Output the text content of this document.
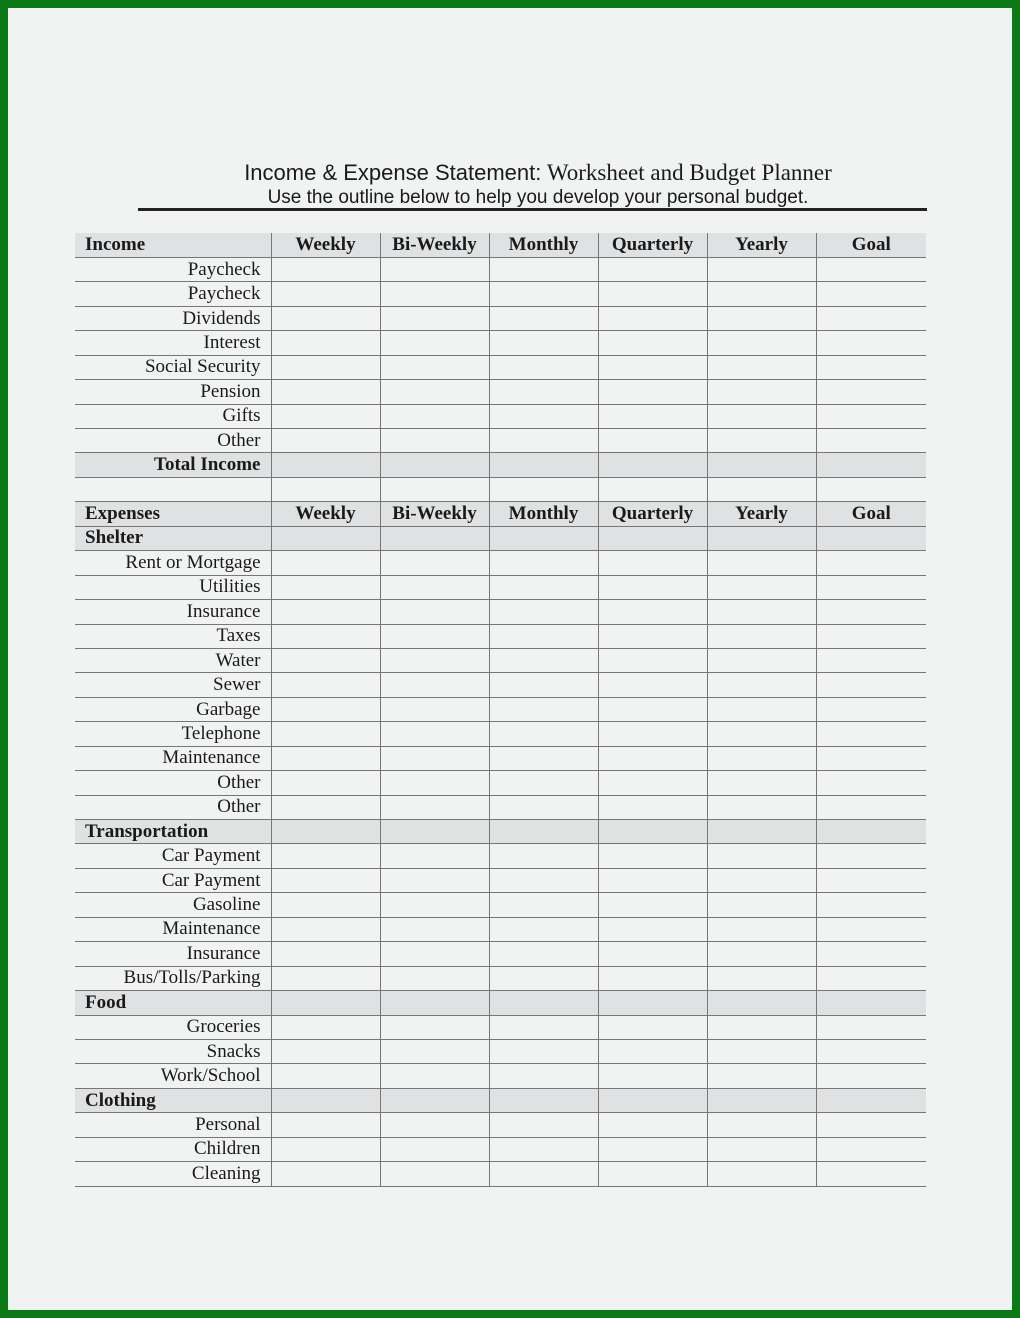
Income & Expense Statement: Worksheet and Budget Planner
Use the outline below to help you develop your personal budget.
Income	Weekly	Bi-Weekly	Monthly	Quarterly	Yearly	Goal
Paycheck						
Paycheck						
Dividends						
Interest						
Social Security						
Pension						
Gifts						
Other						
Total Income						

Expenses	Weekly	Bi-Weekly	Monthly	Quarterly	Yearly	Goal
Shelter						
Rent or Mortgage						
Utilities						
Insurance						
Taxes						
Water						
Sewer						
Garbage						
Telephone						
Maintenance						
Other						
Other						
Transportation						
Car Payment						
Car Payment						
Gasoline						
Maintenance						
Insurance						
Bus/Tolls/Parking						
Food						
Groceries						
Snacks						
Work/School						
Clothing						
Personal						
Children						
Cleaning						
